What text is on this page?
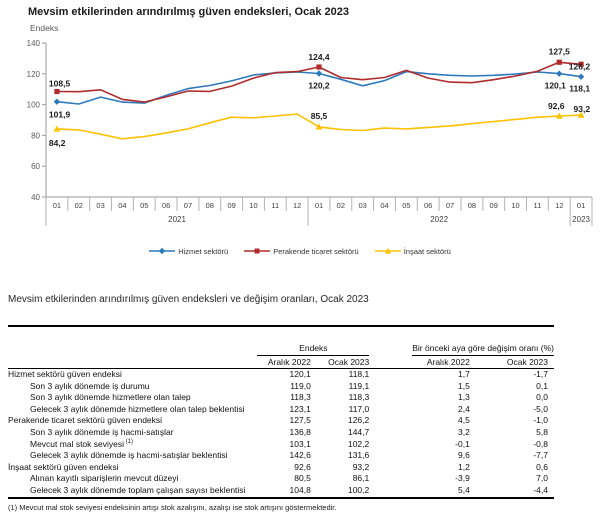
Mevsim etkilerinden arındırılmış güven endeksleri, Ocak 2023
Endeks
40
60
80
100
120
140
01 02 03 04 05 06 07 08 09 10 11 12 01 02 03 04 05 06 07 08 09 10 11 12 01
2021	2022	2023
101,9
120,2	120,1 118,1
108,5
124,4
127,5
126,2
84,2
85,5
92,6 93,2
Hizmet sektörü	Perakende ticaret sektörü	İnşaat sektörü
Mevsim etkilerinden arındırılmış güven endeksleri ve değişim oranları, Ocak 2023

	Endeks		Bir önceki aya göre değişim oranı (%)	

	Aralık 2022	Ocak 2023	Aralık 2022	Ocak 2023
Hizmet sektörü güven endeksi	120,1	118,1	1,7	-1,7
Son 3 aylık dönemde iş durumu	119,0	119,1	1,5	0,1
Son 3 aylık dönemde hizmetlere olan talep	118,3	118,3	1,3	0,0
Gelecek 3 aylık dönemde hizmetlere olan talep beklentisi	123,1	117,0	2,4	-5,0
Perakende ticaret sektörü güven endeksi	127,5	126,2	4,5	-1,0
Son 3 aylık dönemde iş hacmi-satışlar	136,8	144,7	3,2	5,8
Mevcut mal stok seviyesi $^{(1)}$	103,1	102,2	-0,1	-0,8
Gelecek 3 aylık dönemde iş hacmi-satışlar beklentisi	142,6	131,6	9,6	-7,7
İnşaat sektörü güven endeksi	92,6	93,2	1,2	0,6
Alınan kayıtlı siparişlerin mevcut düzeyi	80,5	86,1	-3,9	7,0
Gelecek 3 aylık dönemde toplam çalışan sayısı beklentisi	104,8	100,2	5,4	-4,4
(1) Mevcut mal stok seviyesi endeksinin artışı stok azalışını, azalışı ise stok artışını göstermektedir.
